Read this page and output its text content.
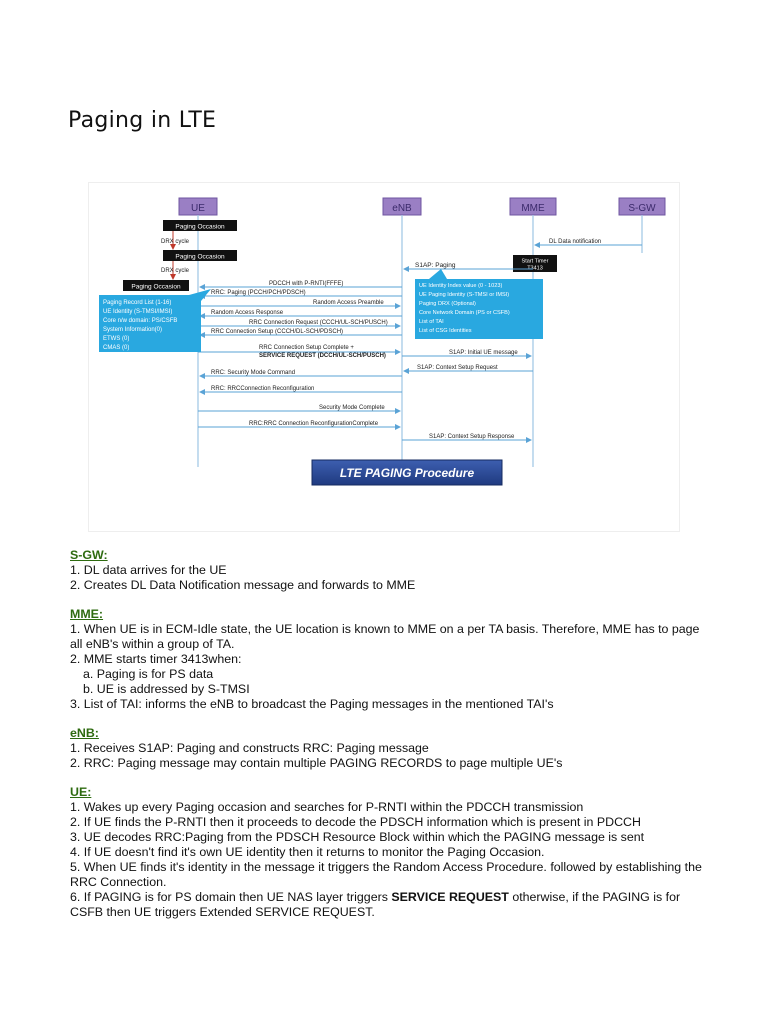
Paging in LTE
UE	eNB	MME	S-GW
Paging Occasion
DRX cycle
Paging Occasion
DRX cycle
Paging Occasion
Start Timer
T3413
DL Data notification
S1AP: Paging
PDCCH with P-RNTI(FFFE)
RRC: Paging (PCCH/PCH/PDSCH)
Random Access Preamble
Random Access Response
RRC Connection Request (CCCH/UL-SCH/PUSCH)
RRC Connection Setup (CCCH/DL-SCH/PDSCH)
RRC Connection Setup Complete +
SERVICE REQUEST (DCCH/UL-SCH/PUSCH)	S1AP: Initial UE message
S1AP: Context Setup Request
RRC: Security Mode Command
RRC: RRCConnection Reconfiguration
Security Mode Complete
RRC:RRC Connection ReconfigurationComplete
S1AP: Context Setup Response
Paging Record List (1-16)
UE Identity (S-TMSI/IMSI)
Core n/w domain: PS/CSFB
System Information(0)
ETWS (0)
CMAS (0)
UE Identity Index value (0 - 1023)
UE Paging Identity (S-TMSI or IMSI)
Paging DRX (Optional)
Core Network Domain (PS or CSFB)
List of TAI
List of CSG Identities
LTE PAGING Procedure
S-GW:

1. DL data arrives for the UE

2. Creates DL Data Notification message and forwards to MME

MME:

1. When UE is in ECM-Idle state, the UE location is known to MME on a per TA basis. Therefore, MME has to page all eNB's within a group of TA.

2. MME starts timer 3413when:

a. Paging is for PS data

b. UE is addressed by S-TMSI

3. List of TAI: informs the eNB to broadcast the Paging messages in the mentioned TAI's

eNB:

1. Receives S1AP: Paging and constructs RRC: Paging message

2. RRC: Paging message may contain multiple PAGING RECORDS to page multiple UE's

UE:

1. Wakes up every Paging occasion and searches for P-RNTI within the PDCCH transmission

2. If UE finds the P-RNTI then it proceeds to decode the PDSCH information which is present in PDCCH

3. UE decodes RRC:Paging from the PDSCH Resource Block within which the PAGING message is sent

4. If UE doesn't find it's own UE identity then it returns to monitor the Paging Occasion.

5. When UE finds it's identity in the message it triggers the Random Access Procedure. followed by establishing the RRC Connection.

6. If PAGING is for PS domain then UE NAS layer triggers SERVICE REQUEST otherwise, if the PAGING is for CSFB then UE triggers Extended SERVICE REQUEST.
